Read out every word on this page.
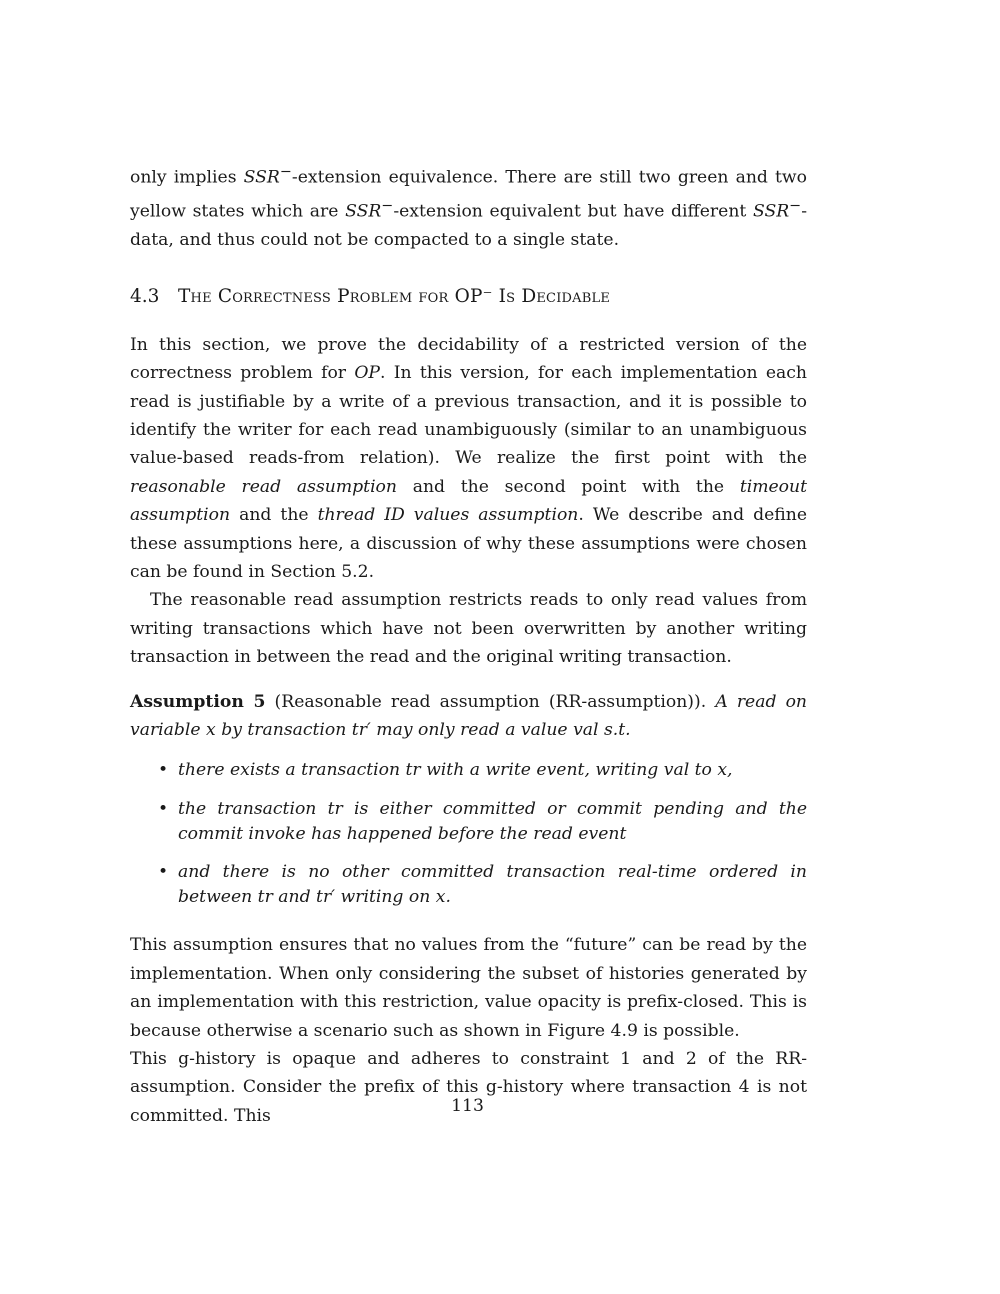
only implies SSR−-extension equivalence. There are still two green and two yellow states which are SSR−-extension equivalent but have different SSR−-data, and thus could not be compacted to a single state.

4.3 The Correctness Problem for OP⁻ Is Decidable

In this section, we prove the decidability of a restricted version of the correctness problem for OP. In this version, for each implementation each read is justifiable by a write of a previous transaction, and it is possible to identify the writer for each read unambiguously (similar to an unambiguous value-based reads-from relation). We realize the first point with the reasonable read assumption and the second point with the timeout assumption and the thread ID values assumption. We describe and define these assumptions here, a discussion of why these assumptions were chosen can be found in Section 5.2.

The reasonable read assumption restricts reads to only read values from writing transactions which have not been overwritten by another writing transaction in between the read and the original writing transaction.

Assumption 5 (Reasonable read assumption (RR-assumption)). A read on variable x by transaction tr′ may only read a value val s.t.

• there exists a transaction tr with a write event, writing val to x,
• the transaction tr is either committed or commit pending and the commit invoke has happened before the read event
• and there is no other committed transaction real-time ordered in between tr and tr′ writing on x.

This assumption ensures that no values from the “future” can be read by the implementation. When only considering the subset of histories generated by an implementation with this restriction, value opacity is prefix-closed. This is because otherwise a scenario such as shown in Figure 4.9 is possible.

This g-history is opaque and adheres to constraint 1 and 2 of the RR-assumption. Consider the prefix of this g-history where transaction 4 is not committed. This	113
